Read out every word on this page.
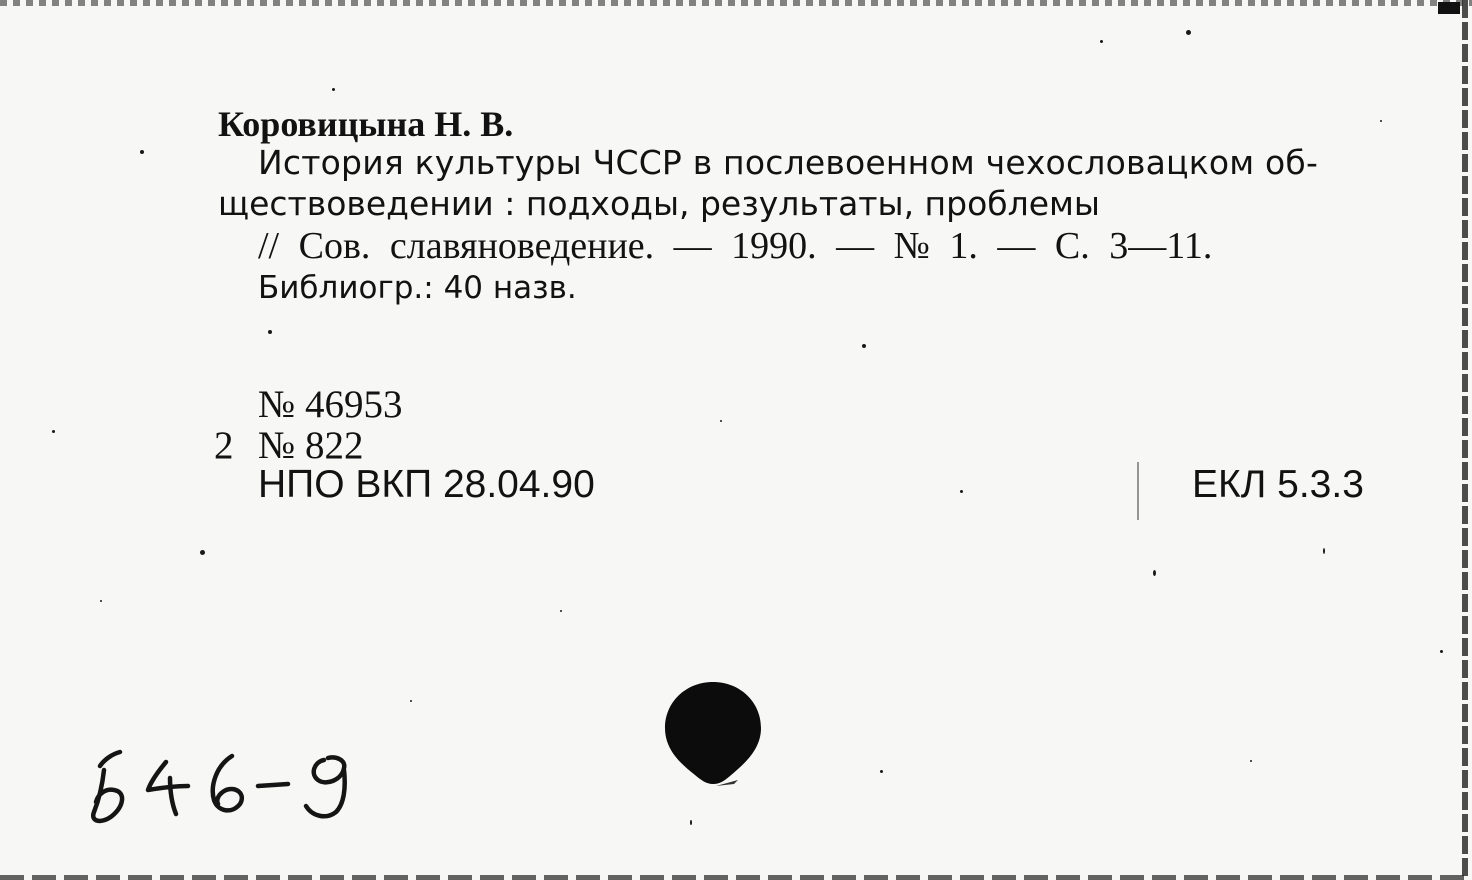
Коровицына Н. В.
История культуры ЧССР в послевоенном чехословацком об-
ществоведении : подходы, результаты, проблемы
// Сов. славяноведение. — 1990. — № 1. — С. 3—11.
Библиогр.: 40 назв.
№ 46953
2 № 822
НПО ВКП 28.04.90	ЕКЛ 5.3.3
